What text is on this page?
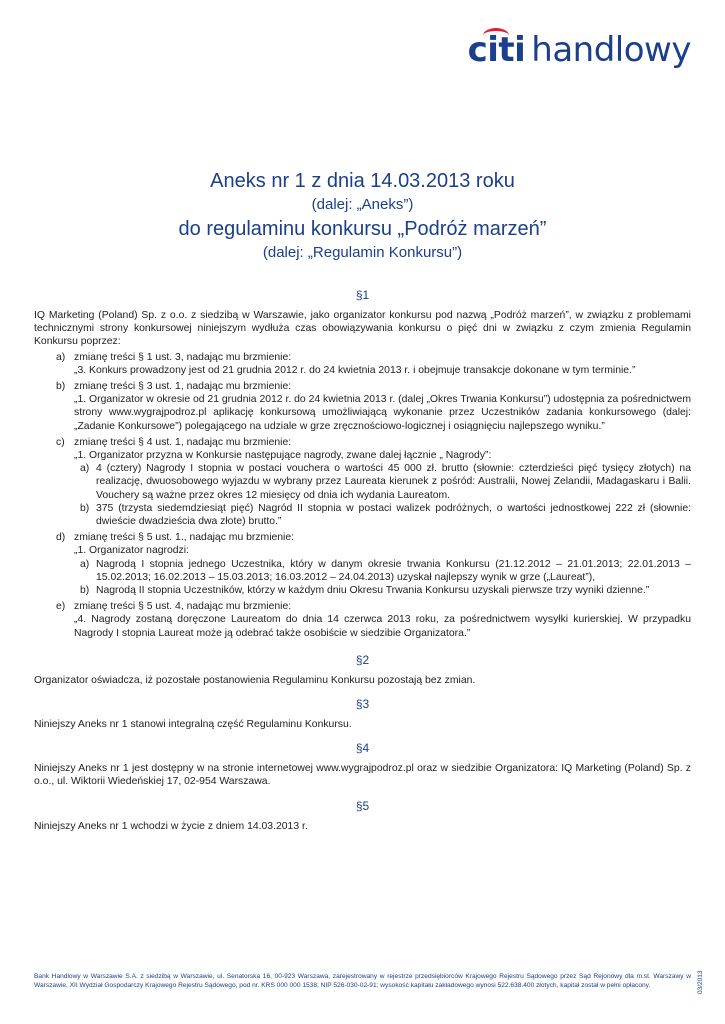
citi handlowy
Aneks nr 1 z dnia 14.03.2013 roku
(dalej: „Aneks”)
do regulaminu konkursu „Podróż marzeń”
(dalej: „Regulamin Konkursu”)
§1

IQ Marketing (Poland) Sp. z o.o. z siedzibą w Warszawie, jako organizator konkursu pod nazwą „Podróż marzeń”, w związku z problemami technicznymi strony konkursowej niniejszym wydłuża czas obowiązywania konkursu o pięć dni w związku z czym zmienia Regulamin Konkursu poprzez:

a) zmianę treści § 1 ust. 3, nadając mu brzmienie:
„3. Konkurs prowadzony jest od 21 grudnia 2012 r. do 24 kwietnia 2013 r. i obejmuje transakcje dokonane w tym terminie.”
b) zmianę treści § 3 ust. 1, nadając mu brzmienie:
„1. Organizator w okresie od 21 grudnia 2012 r. do 24 kwietnia 2013 r. (dalej „Okres Trwania Konkursu”) udostępnia za pośrednictwem strony www.wygrajpodroz.pl aplikację konkursową umożliwiającą wykonanie przez Uczestników zadania konkursowego (dalej: „Zadanie Konkursowe”) polegającego na udziale w grze zręcznościowo-logicznej i osiągnięciu najlepszego wyniku.”
c) zmianę treści § 4 ust. 1, nadając mu brzmienie:
„1. Organizator przyzna w Konkursie następujące nagrody, zwane dalej łącznie „ Nagrody”:
a) 4 (cztery) Nagrody I stopnia w postaci vouchera o wartości 45 000 zł. brutto (słownie: czterdzieści pięć tysięcy złotych) na realizację, dwuosobowego wyjazdu w wybrany przez Laureata kierunek z pośród: Australii, Nowej Zelandii, Madagaskaru i Balii. Vouchery są ważne przez okres 12 miesięcy od dnia ich wydania Laureatom.
b) 375 (trzysta siedemdziesiąt pięć) Nagród II stopnia w postaci walizek podróżnych, o wartości jednostkowej 222 zł (słownie: dwieście dwadzieścia dwa złote) brutto.”
d) zmianę treści § 5 ust. 1., nadając mu brzmienie:
„1. Organizator nagrodzi:
a) Nagrodą I stopnia jednego Uczestnika, który w danym okresie trwania Konkursu (21.12.2012 – 21.01.2013; 22.01.2013 – 15.02.2013; 16.02.2013 – 15.03.2013; 16.03.2012 – 24.04.2013) uzyskał najlepszy wynik w grze („Laureat”),
b) Nagrodą II stopnia Uczestników, którzy w każdym dniu Okresu Trwania Konkursu uzyskali pierwsze trzy wyniki dzienne.”
e) zmianę treści § 5 ust. 4, nadając mu brzmienie:
„4. Nagrody zostaną doręczone Laureatom do dnia 14 czerwca 2013 roku, za pośrednictwem wysyłki kurierskiej. W przypadku Nagrody I stopnia Laureat może ją odebrać także osobiście w siedzibie Organizatora.”
§2

Organizator oświadcza, iż pozostałe postanowienia Regulaminu Konkursu pozostają bez zmian.

§3

Niniejszy Aneks nr 1 stanowi integralną część Regulaminu Konkursu.

§4

Niniejszy Aneks nr 1 jest dostępny w na stronie internetowej www.wygrajpodroz.pl oraz w siedzibie Organizatora: IQ Marketing (Poland) Sp. z o.o., ul. Wiktorii Wiedeńskiej 17, 02-954 Warszawa.

§5

Niniejszy Aneks nr 1 wchodzi w życie z dniem 14.03.2013 r.

Bank Handlowy w Warszawie S.A. z siedzibą w Warszawie, ul. Senatorska 16, 00-923 Warszawa, zarejestrowany w rejestrze przedsiębiorców Krajowego Rejestru Sądowego przez Sąd Rejonowy dla m.st. Warszawy w Warszawie, XII Wydział Gospodarczy Krajowego Rejestru Sądowego, pod nr. KRS 000 000 1538; NIP 526-030-02-91; wysokość kapitału zakładowego wynosi 522.638.400 złotych, kapitał został w pełni opłacony.	03/2013
